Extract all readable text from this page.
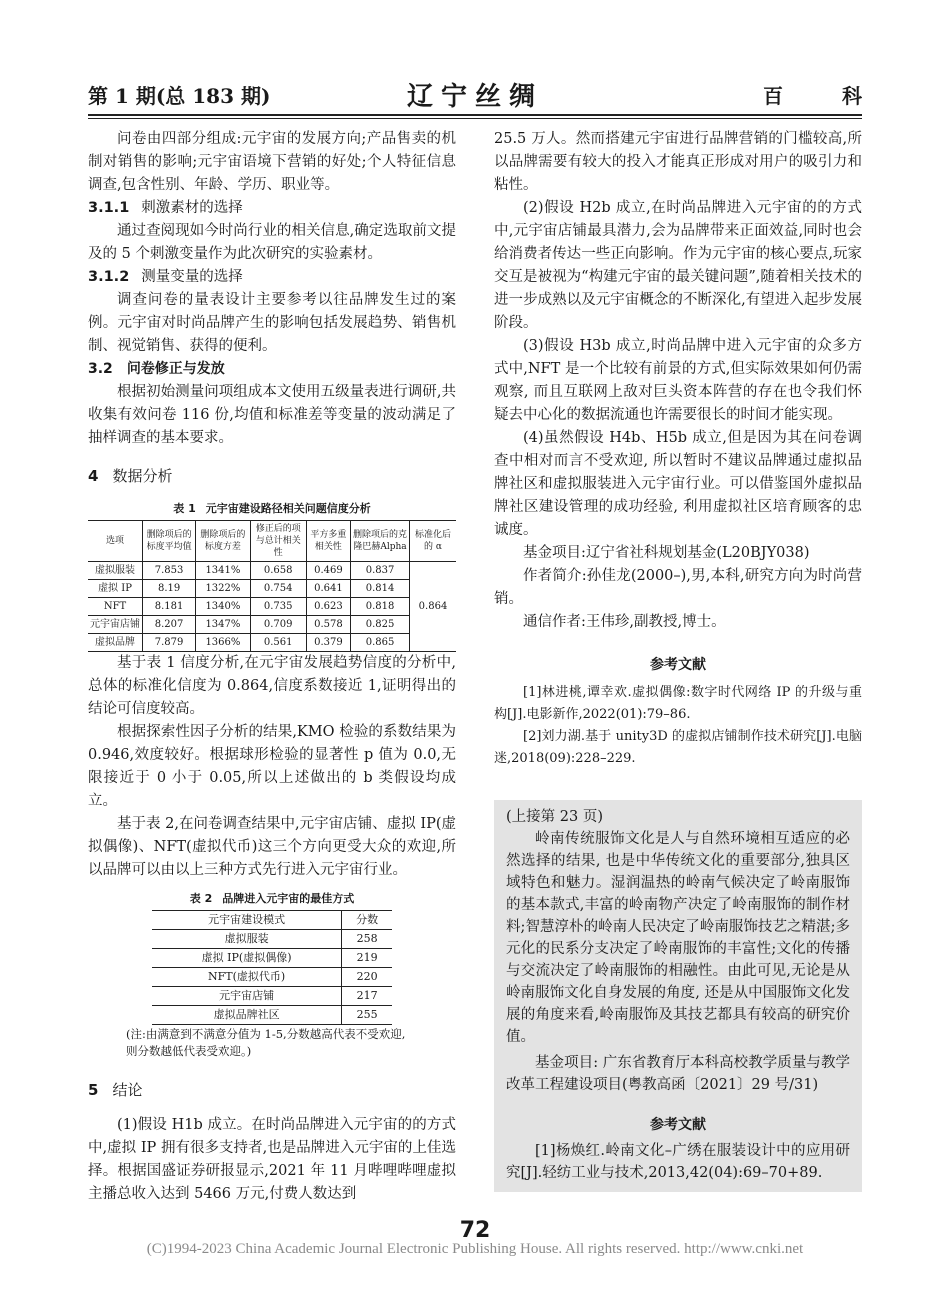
第 1 期(总 183 期)	辽宁丝绸	百 科

问卷由四部分组成:元宇宙的发展方向;产品售卖的机制对销售的影响;元宇宙语境下营销的好处;个人特征信息调查,包含性别、年龄、学历、职业等。

3.1.1 刺激素材的选择

通过查阅现如今时尚行业的相关信息,确定选取前文提及的 5 个刺激变量作为此次研究的实验素材。

3.1.2 测量变量的选择

调查问卷的量表设计主要参考以往品牌发生过的案例。元宇宙对时尚品牌产生的影响包括发展趋势、销售机制、视觉销售、获得的便利。

3.2 问卷修正与发放

根据初始测量问项组成本文使用五级量表进行调研,共收集有效问卷 116 份,均值和标准差等变量的波动满足了抽样调查的基本要求。

4 数据分析
表 1 元宇宙建设路径相关问题信度分析
选项	删除项后的标度平均值	删除项后的标度方差	修正后的项与总计相关性	平方多重相关性	删除项后的克隆巴赫Alpha	标准化后的 α
虚拟服装	7.853	1341%	0.658	0.469	0.837	0.864
虚拟 IP	8.19	1322%	0.754	0.641	0.814	
NFT	8.181	1340%	0.735	0.623	0.818	
元宇宙店铺	8.207	1347%	0.709	0.578	0.825	
虚拟品牌	7.879	1366%	0.561	0.379	0.865	

基于表 1 信度分析,在元宇宙发展趋势信度的分析中,总体的标准化信度为 0.864,信度系数接近 1,证明得出的结论可信度较高。

根据探索性因子分析的结果,KMO 检验的系数结果为 0.946,效度较好。根据球形检验的显著性 p 值为 0.0,无限接近于 0 小于 0.05,所以上述做出的 b 类假设均成立。

基于表 2,在问卷调查结果中,元宇宙店铺、虚拟 IP(虚拟偶像)、NFT(虚拟代币)这三个方向更受大众的欢迎,所以品牌可以由以上三种方式先行进入元宇宙行业。

表 2 品牌进入元宇宙的最佳方式
元宇宙建设模式	分数
虚拟服装	258
虚拟 IP(虚拟偶像)	219
NFT(虚拟代币)	220
元宇宙店铺	217
虚拟品牌社区	255
(注:由满意到不满意分值为 1-5,分数越高代表不受欢迎,则分数越低代表受欢迎。)
5 结论

(1)假设 H1b 成立。在时尚品牌进入元宇宙的的方式中,虚拟 IP 拥有很多支持者,也是品牌进入元宇宙的上佳选择。根据国盛证券研报显示,2021 年 11 月哔哩哔哩虚拟主播总收入达到 5466 万元,付费人数达到

25.5 万人。然而搭建元宇宙进行品牌营销的门槛较高,所以品牌需要有较大的投入才能真正形成对用户的吸引力和粘性。

(2)假设 H2b 成立,在时尚品牌进入元宇宙的的方式中,元宇宙店铺最具潜力,会为品牌带来正面效益,同时也会给消费者传达一些正向影响。作为元宇宙的核心要点,玩家交互是被视为“构建元宇宙的最关键问题”,随着相关技术的进一步成熟以及元宇宙概念的不断深化,有望进入起步发展阶段。

(3)假设 H3b 成立,时尚品牌中进入元宇宙的众多方式中,NFT 是一个比较有前景的方式,但实际效果如何仍需观察, 而且互联网上敌对巨头资本阵营的存在也令我们怀疑去中心化的数据流通也许需要很长的时间才能实现。

(4)虽然假设 H4b、H5b 成立,但是因为其在问卷调查中相对而言不受欢迎, 所以暂时不建议品牌通过虚拟品牌社区和虚拟服装进入元宇宙行业。可以借鉴国外虚拟品牌社区建设管理的成功经验, 利用虚拟社区培育顾客的忠诚度。

基金项目:辽宁省社科规划基金(L20BJY038)

作者简介:孙佳龙(2000–),男,本科,研究方向为时尚营销。

通信作者:王伟珍,副教授,博士。

参考文献

[1]林进桃,谭幸欢.虚拟偶像:数字时代网络 IP 的升级与重构[J].电影新作,2022(01):79–86.

[2]刘力湖.基于 unity3D 的虚拟店铺制作技术研究[J].电脑迷,2018(09):228–229.

(上接第 23 页)

岭南传统服饰文化是人与自然环境相互适应的必然选择的结果, 也是中华传统文化的重要部分,独具区域特色和魅力。湿润温热的岭南气候决定了岭南服饰的基本款式,丰富的岭南物产决定了岭南服饰的制作材料;智慧淳朴的岭南人民决定了岭南服饰技艺之精湛;多元化的民系分支决定了岭南服饰的丰富性;文化的传播与交流决定了岭南服饰的相融性。由此可见,无论是从岭南服饰文化自身发展的角度, 还是从中国服饰文化发展的角度来看,岭南服饰及其技艺都具有较高的研究价值。

基金项目: 广东省教育厅本科高校教学质量与教学改革工程建设项目(粤教高函〔2021〕29 号/31)

参考文献

[1]杨焕红.岭南文化–广绣在服装设计中的应用研究[J].轻纺工业与技术,2013,42(04):69–70+89.

72
(C)1994-2023 China Academic Journal Electronic Publishing House. All rights reserved. http://www.cnki.net
